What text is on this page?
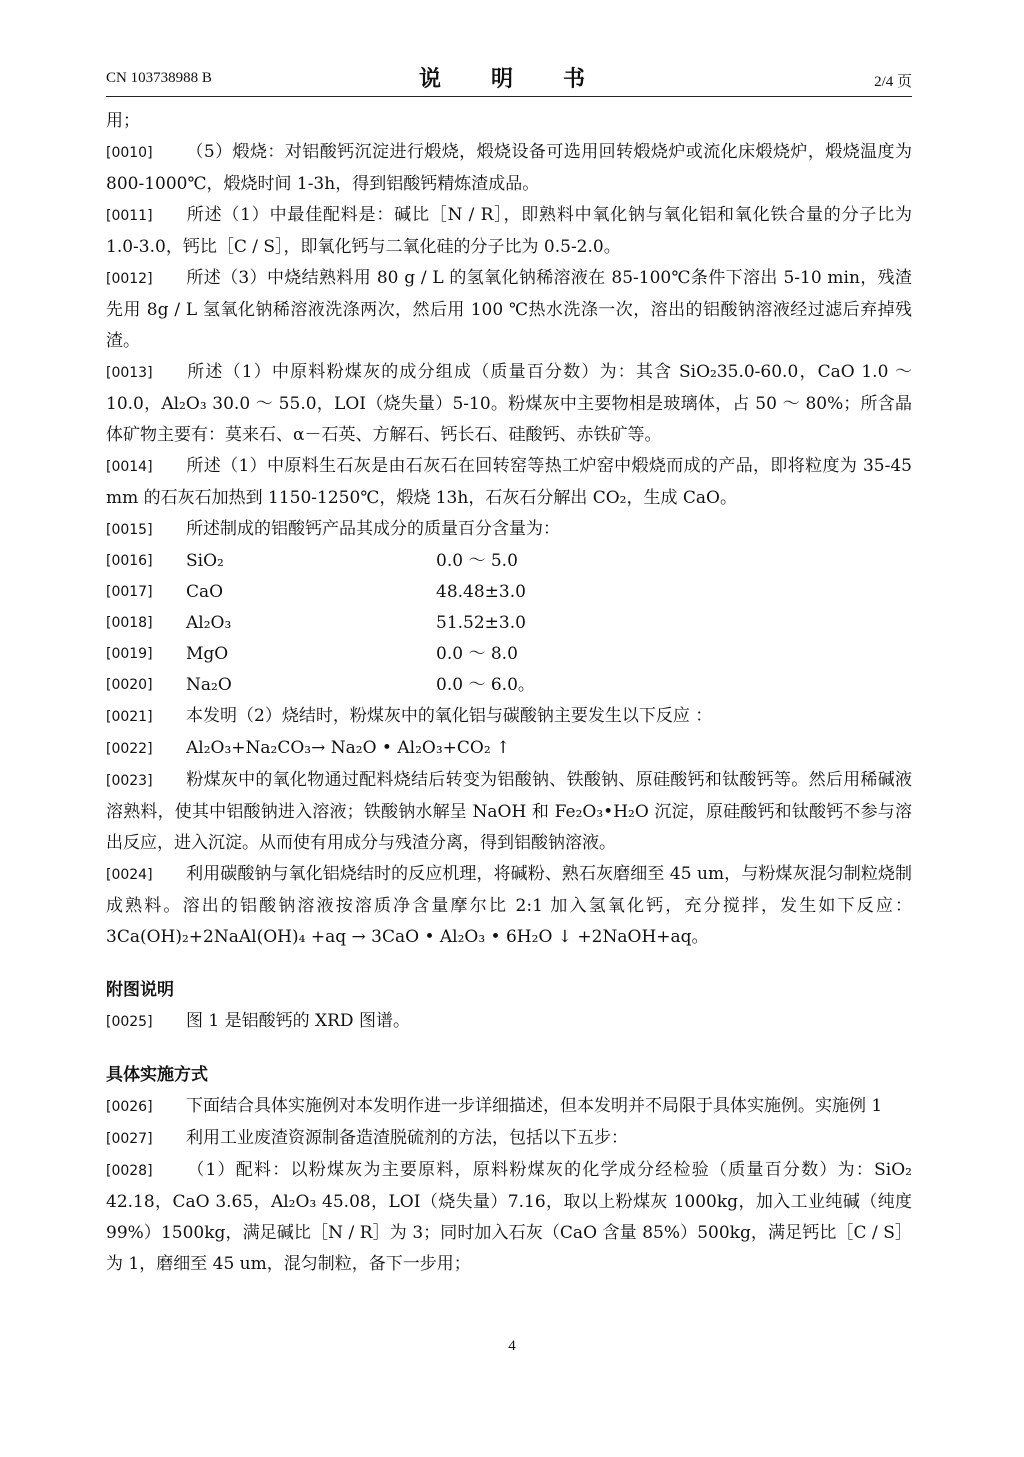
CN 103738988 B	说　明　书	2/4 页

用；

[0010] （5）煅烧：对铝酸钙沉淀进行煅烧，煅烧设备可选用回转煅烧炉或流化床煅烧炉，煅烧温度为 800-1000℃，煅烧时间 1-3h，得到铝酸钙精炼渣成品。

[0011] 所述（1）中最佳配料是：碱比［N / R］，即熟料中氧化钠与氧化铝和氧化铁合量的分子比为 1.0-3.0，钙比［C / S］，即氧化钙与二氧化硅的分子比为 0.5-2.0。

[0012] 所述（3）中烧结熟料用 80 g / L 的氢氧化钠稀溶液在 85-100℃条件下溶出 5-10 min，残渣先用 8g / L 氢氧化钠稀溶液洗涤两次，然后用 100 ℃热水洗涤一次，溶出的铝酸钠溶液经过滤后弃掉残渣。

[0013] 所述（1）中原料粉煤灰的成分组成（质量百分数）为：其含 SiO₂35.0-60.0，CaO 1.0 ～ 10.0，Al₂O₃ 30.0 ～ 55.0，LOI（烧失量）5-10。粉煤灰中主要物相是玻璃体，占 50 ～ 80%；所含晶体矿物主要有：莫来石、α－石英、方解石、钙长石、硅酸钙、赤铁矿等。

[0014] 所述（1）中原料生石灰是由石灰石在回转窑等热工炉窑中煅烧而成的产品，即将粒度为 35-45 mm 的石灰石加热到 1150-1250℃，煅烧 13h，石灰石分解出 CO₂，生成 CaO。

[0015] 所述制成的铝酸钙产品其成分的质量百分含量为：

[0016]	SiO₂	0.0 ～ 5.0
[0017]	CaO	48.48±3.0
[0018]	Al₂O₃	51.52±3.0
[0019]	MgO	0.0 ～ 8.0
[0020]	Na₂O	0.0 ～ 6.0。

[0021] 本发明（2）烧结时，粉煤灰中的氧化铝与碳酸钠主要发生以下反应 ：

[0022] Al₂O₃+Na₂CO₃→ Na₂O • Al₂O₃+CO₂ ↑

[0023] 粉煤灰中的氧化物通过配料烧结后转变为铝酸钠、铁酸钠、原硅酸钙和钛酸钙等。然后用稀碱液溶熟料，使其中铝酸钠进入溶液；铁酸钠水解呈 NaOH 和 Fe₂O₃•H₂O 沉淀，原硅酸钙和钛酸钙不参与溶出反应，进入沉淀。从而使有用成分与残渣分离，得到铝酸钠溶液。

[0024] 利用碳酸钠与氧化铝烧结时的反应机理，将碱粉、熟石灰磨细至 45 um，与粉煤灰混匀制粒烧制成熟料。溶出的铝酸钠溶液按溶质净含量摩尔比 2:1 加入氢氧化钙，充分搅拌，发生如下反应：3Ca(OH)₂+2NaAl(OH)₄ +aq → 3CaO • Al₂O₃ • 6H₂O ↓ +2NaOH+aq。

附图说明

[0025] 图 1 是铝酸钙的 XRD 图谱。

具体实施方式

[0026] 下面结合具体实施例对本发明作进一步详细描述，但本发明并不局限于具体实施例。实施例 1

[0027] 利用工业废渣资源制备造渣脱硫剂的方法，包括以下五步：

[0028] （1）配料：以粉煤灰为主要原料，原料粉煤灰的化学成分经检验（质量百分数）为：SiO₂ 42.18，CaO 3.65，Al₂O₃ 45.08，LOI（烧失量）7.16，取以上粉煤灰 1000kg，加入工业纯碱（纯度 99%）1500kg，满足碱比［N / R］为 3；同时加入石灰（CaO 含量 85%）500kg，满足钙比［C / S］为 1，磨细至 45 um，混匀制粒，备下一步用；

4
